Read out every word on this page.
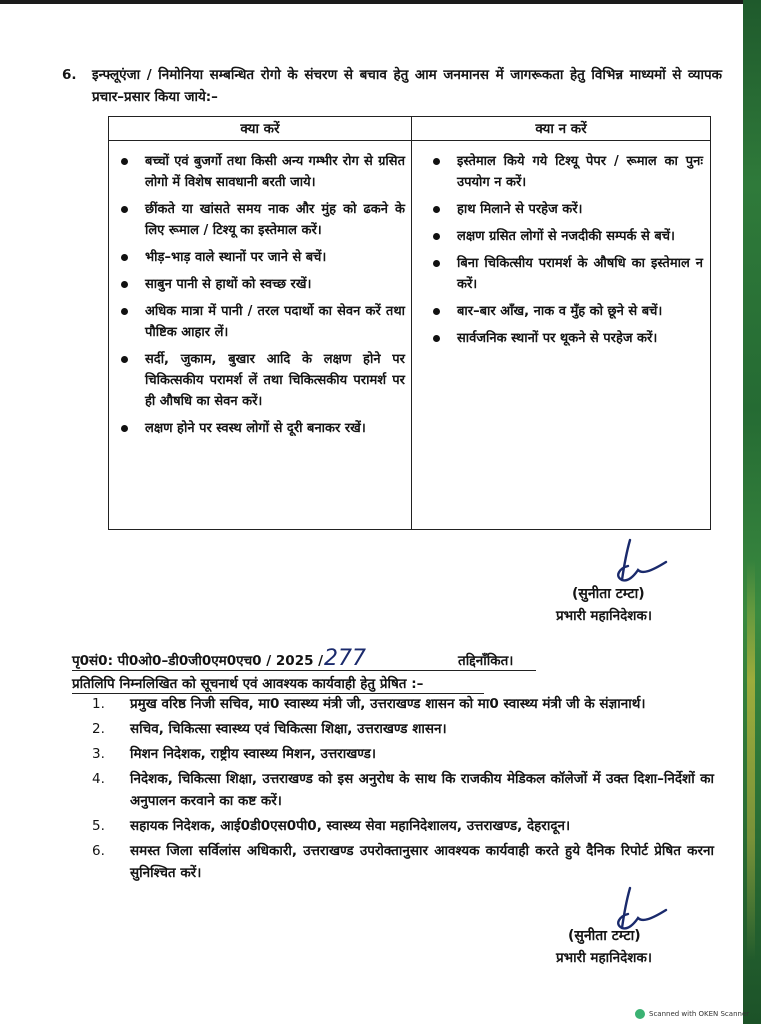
6. इन्फ्लूएंजा / निमोनिया सम्बन्धित रोगो के संचरण से बचाव हेतु आम जनमानस में जागरूकता हेतु विभिन्न माध्यमों से व्यापक प्रचार–प्रसार किया जाये:–
क्या करें	क्या न करें
बच्चों एवं बुजर्गो तथा किसी अन्य गम्भीर रोग से ग्रसित लोगो में विशेष सावधानी बरती जाये।
छींकते या खांसते समय नाक और मुंह को ढकने के लिए रूमाल / टिश्यू का इस्तेमाल करें।
भीड़–भाड़ वाले स्थानों पर जाने से बचें।
साबुन पानी से हाथों को स्वच्छ रखें।
अधिक मात्रा में पानी / तरल पदार्थो का सेवन करें तथा पौष्टिक आहार लें।
सर्दी, जुकाम, बुखार आदि के लक्षण होने पर चिकित्सकीय परामर्श लें तथा चिकित्सकीय परामर्श पर ही औषधि का सेवन करें।
लक्षण होने पर स्वस्थ लोगों से दूरी बनाकर रखें।
इस्तेमाल किये गये टिश्यू पेपर / रूमाल का पुनः उपयोग न करें।
हाथ मिलाने से परहेज करें।
लक्षण ग्रसित लोगों से नजदीकी सम्पर्क से बचें।
बिना चिकित्सीय परामर्श के औषधि का इस्तेमाल न करें।
बार–बार आँख, नाक व मुँह को छूने से बचें।
सार्वजनिक स्थानों पर थूकने से परहेज करें।
(सुनीता टम्टा)
प्रभारी महानिदेशक।
पृ0सं0: पी0ओ0–डी0जी0एम0एच0 / 2025 /	तद्दिनाँकित।
277
प्रतिलिपि निम्नलिखित को सूचनार्थ एवं आवश्यक कार्यवाही हेतु प्रेषित :–
1. प्रमुख वरिष्ठ निजी सचिव, मा0 स्वास्थ्य मंत्री जी, उत्तराखण्ड शासन को मा0 स्वास्थ्य मंत्री जी के संज्ञानार्थ।
2. सचिव, चिकित्सा स्वास्थ्य एवं चिकित्सा शिक्षा, उत्तराखण्ड शासन।
3. मिशन निदेशक, राष्ट्रीय स्वास्थ्य मिशन, उत्तराखण्ड।
4. निदेशक, चिकित्सा शिक्षा, उत्तराखण्ड को इस अनुरोध के साथ कि राजकीय मेडिकल कॉलेजों में उक्त दिशा–निर्देशों का अनुपालन करवाने का कष्ट करें।
5. सहायक निदेशक, आई0डी0एस0पी0, स्वास्थ्य सेवा महानिदेशालय, उत्तराखण्ड, देहरादून।
6. समस्त जिला सर्विलांस अधिकारी, उत्तराखण्ड उपरोक्तानुसार आवश्यक कार्यवाही करते हुये दैनिक रिपोर्ट प्रेषित करना सुनिश्चित करें।
(सुनीता टम्टा)
प्रभारी महानिदेशक।
Scanned with OKEN Scanner
